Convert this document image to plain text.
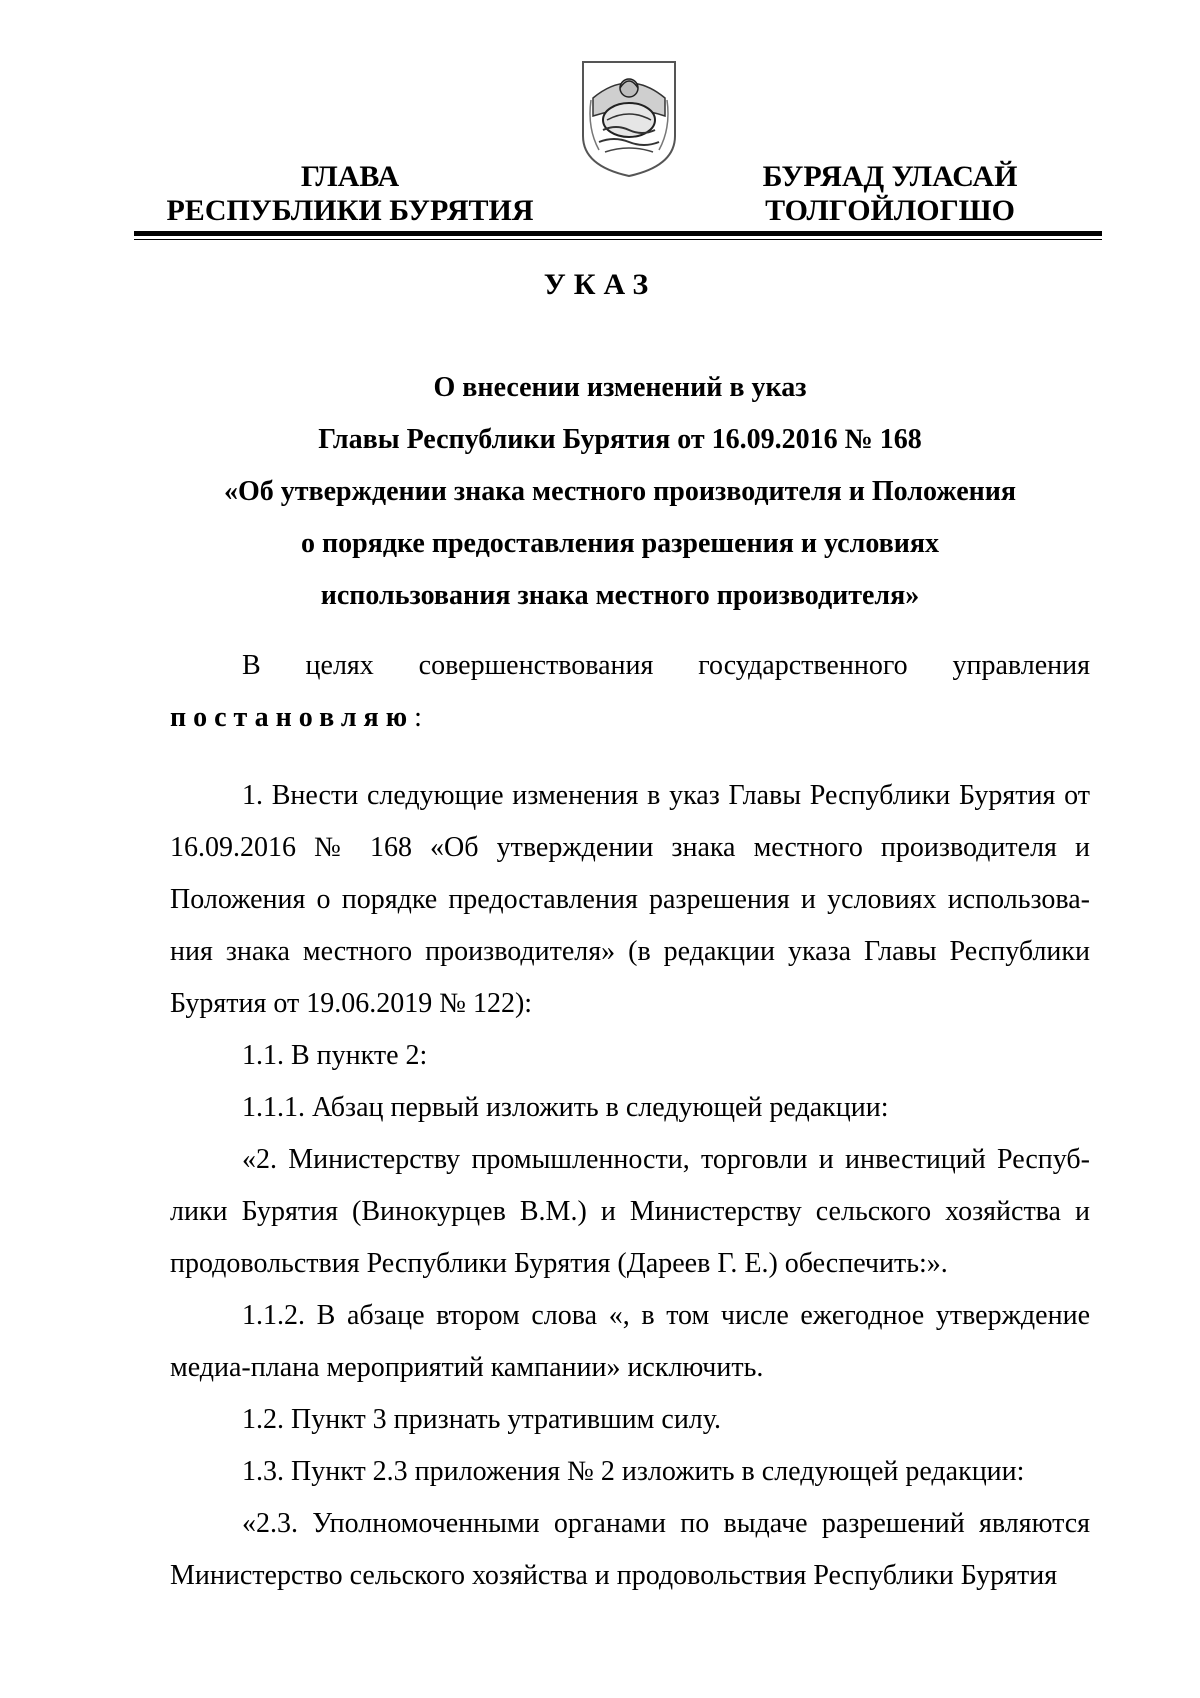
ГЛАВА
РЕСПУБЛИКИ БУРЯТИЯ
БУРЯАД УЛАСАЙ
ТОЛГОЙЛОГШО
УКАЗ
О внесении изменений в указ
Главы Республики Бурятия от 16.09.2016 № 168
«Об утверждении знака местного производителя и Положения
о порядке предоставления разрешения и условиях
использования знака местного производителя»

В целях совершенствования государственного управления

постановляю:

1. Внести следующие изменения в указ Главы Республики Бурятия от 16.09.2016 № 168 «Об утверждении знака местного производителя и Положения о порядке предоставления разрешения и условиях использования знака местного производителя» (в редакции указа Главы Республики Бурятия от 19.06.2019 № 122):

1.1. В пункте 2:

1.1.1. Абзац первый изложить в следующей редакции:

«2. Министерству промышленности, торговли и инвестиций Республики Бурятия (Винокурцев В.М.) и Министерству сельского хозяйства и продовольствия Республики Бурятия (Дареев Г. Е.) обеспечить:».

1.1.2. В абзаце втором слова «, в том числе ежегодное утверждение медиа-плана мероприятий кампании» исключить.

1.2. Пункт 3 признать утратившим силу.

1.3. Пункт 2.3 приложения № 2 изложить в следующей редакции:

«2.3. Уполномоченными органами по выдаче разрешений являются Министерство сельского хозяйства и продовольствия Республики Бурятия
